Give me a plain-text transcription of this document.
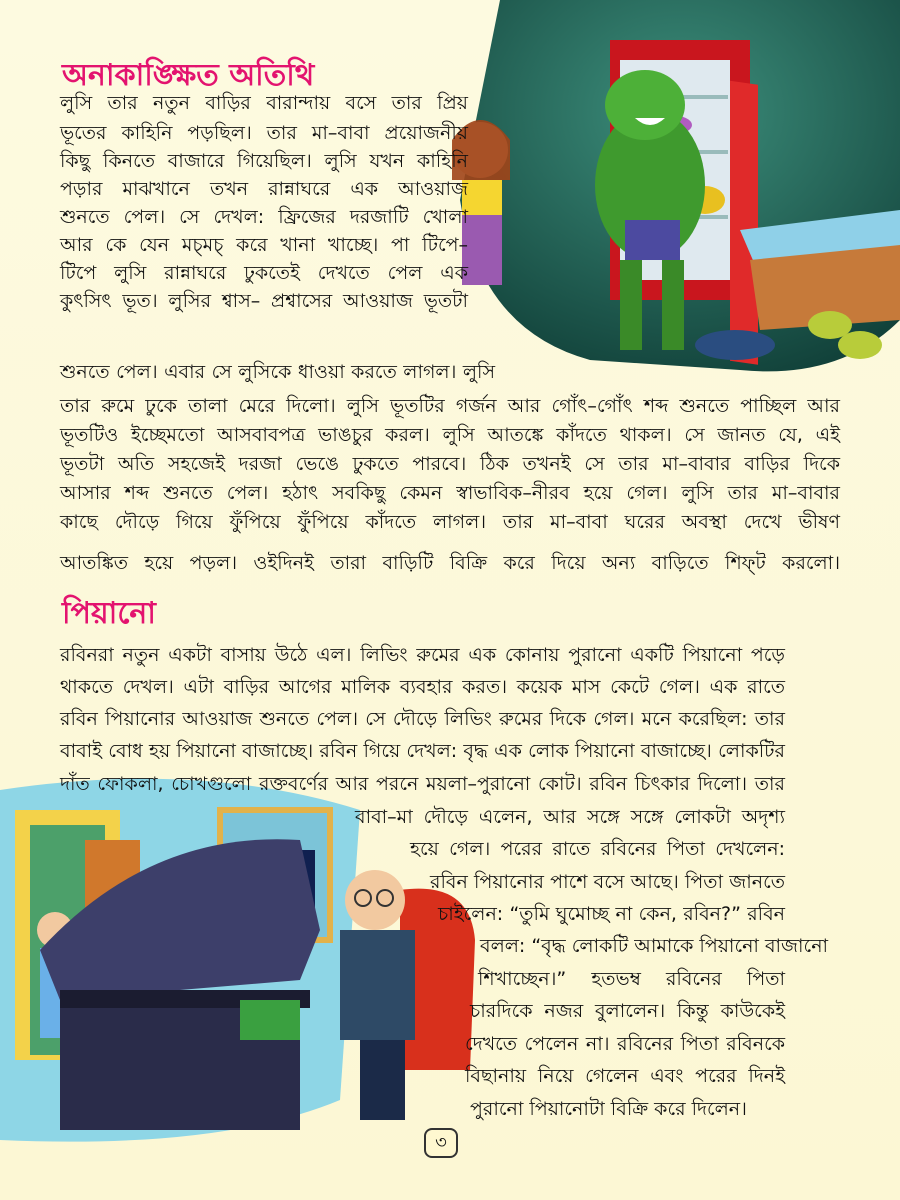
অনাকাঙ্ক্ষিত অতিথি
লুসি তার নতুন বাড়ির বারান্দায় বসে তার প্রিয়
ভূতের কাহিনি পড়ছিল। তার মা–বাবা প্রয়োজনীয়
কিছু কিনতে বাজারে গিয়েছিল। লুসি যখন কাহিনি
পড়ার মাঝখানে তখন রান্নাঘরে এক আওয়াজ
শুনতে পেল। সে দেখল: ফ্রিজের দরজাটি খোলা
আর কে যেন মচ্‌মচ্‌ করে খানা খাচ্ছে। পা টিপে–
টিপে লুসি রান্নাঘরে ঢুকতেই দেখতে পেল এক
কুৎসিৎ ভূত। লুসির শ্বাস– প্রশ্বাসের আওয়াজ ভূতটা
শুনতে পেল। এবার সে লুসিকে ধাওয়া করতে লাগল। লুসি
তার রুমে ঢুকে তালা মেরে দিলো। লুসি ভূতটির গর্জন আর গোঁৎ–গোঁৎ শব্দ শুনতে পাচ্ছিল আর
ভূতটিও ইচ্ছেমতো আসবাবপত্র ভাঙচুর করল। লুসি আতঙ্কে কাঁদতে থাকল। সে জানত যে, এই
ভূতটা অতি সহজেই দরজা ভেঙে ঢুকতে পারবে। ঠিক তখনই সে তার মা–বাবার বাড়ির দিকে
আসার শব্দ শুনতে পেল। হঠাৎ সবকিছু কেমন স্বাভাবিক–নীরব হয়ে গেল। লুসি তার মা–বাবার
কাছে দৌড়ে গিয়ে ফুঁপিয়ে ফুঁপিয়ে কাঁদতে লাগল। তার মা–বাবা ঘরের অবস্থা দেখে ভীষণ
আতঙ্কিত হয়ে পড়ল। ওইদিনই তারা বাড়িটি বিক্রি করে দিয়ে অন্য বাড়িতে শিফ্‌ট করলো।
পিয়ানো
রবিনরা নতুন একটা বাসায় উঠে এল। লিভিং রুমের এক কোনায় পুরানো একটি পিয়ানো পড়ে
থাকতে দেখল। এটা বাড়ির আগের মালিক ব্যবহার করত। কয়েক মাস কেটে গেল। এক রাতে
রবিন পিয়ানোর আওয়াজ শুনতে পেল। সে দৌড়ে লিভিং রুমের দিকে গেল। মনে করেছিল: তার
বাবাই বোধ হয় পিয়ানো বাজাচ্ছে। রবিন গিয়ে দেখল: বৃদ্ধ এক লোক পিয়ানো বাজাচ্ছে। লোকটির
দাঁত ফোকলা, চোখগুলো রক্তবর্ণের আর পরনে ময়লা–পুরানো কোট। রবিন চিৎকার দিলো। তার
বাবা–মা দৌড়ে এলেন, আর সঙ্গে সঙ্গে লোকটা অদৃশ্য
হয়ে গেল। পরের রাতে রবিনের পিতা দেখলেন:
রবিন পিয়ানোর পাশে বসে আছে। পিতা জানতে
চাইলেন: “তুমি ঘুমোচ্ছ না কেন, রবিন?” রবিন
বলল: “বৃদ্ধ লোকটি আমাকে পিয়ানো বাজানো
শিখাচ্ছেন।” হতভম্ব রবিনের পিতা
চারদিকে নজর বুলালেন। কিন্তু কাউকেই
দেখতে পেলেন না। রবিনের পিতা রবিনকে
বিছানায় নিয়ে গেলেন এবং পরের দিনই
পুরানো পিয়ানোটা বিক্রি করে দিলেন।
৩
